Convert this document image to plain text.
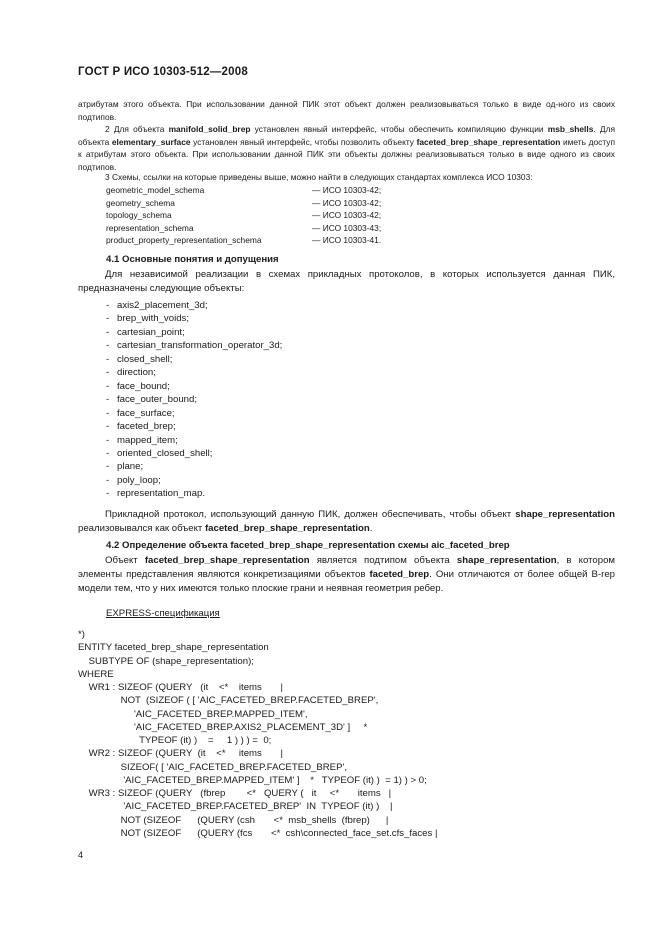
ГОСТ Р ИСО 10303-512—2008

атрибутам этого объекта. При использовании данной ПИК этот объект должен реализовываться только в виде од-ного из своих подтипов.

2 Для объекта manifold_solid_brep установлен явный интерфейс, чтобы обеспечить компиляцию функции msb_shells. Для объекта elementary_surface установлен явный интерфейс, чтобы позволить объекту faceted_brep_shape_representation иметь доступ к атрибутам этого объекта. При использовании данной ПИК эти объекты должны реализовываться только в виде одного из своих подтипов.

3 Схемы, ссылки на которые приведены выше, можно найти в следующих стандартах комплекса ИСО 10303:

geometric_model_schema	— ИСО 10303-42;
geometry_schema	— ИСО 10303-42;
topology_schema	— ИСО 10303-42;
representation_schema	— ИСО 10303-43;
product_property_representation_schema	— ИСО 10303-41.
4.1 Основные понятия и допущения

Для независимой реализации в схемах прикладных протоколов, в которых используется данная ПИК, предназначены следующие объекты:

- axis2_placement_3d;
- brep_with_voids;
- cartesian_point;
- cartesian_transformation_operator_3d;
- closed_shell;
- direction;
- face_bound;
- face_outer_bound;
- face_surface;
- faceted_brep;
- mapped_item;
- oriented_closed_shell;
- plane;
- poly_loop;
- representation_map.

Прикладной протокол, использующий данную ПИК, должен обеспечивать, чтобы объект shape_representation реализовывался как объект faceted_brep_shape_representation.

4.2 Определение объекта faceted_brep_shape_representation схемы aic_faceted_brep

Объект faceted_brep_shape_representation является подтипом объекта shape_representation, в котором элементы представления являются конкретизациями объектов faceted_brep. Они отличаются от более общей B-rep модели тем, что у них имеются только плоские грани и неявная геометрия ребер.

EXPRESS-спецификация
*)
ENTITY faceted_brep_shape_representation
SUBTYPE OF (shape_representation);
WHERE
WR1 : SIZEOF (QUERY   (it    <*    items       |
NOT  (SIZEOF ( [ 'AIC_FACETED_BREP.FACETED_BREP',
'AIC_FACETED_BREP.MAPPED_ITEM',
'AIC_FACETED_BREP.AXIS2_PLACEMENT_3D' ]     *
TYPEOF (it) )    =     1 ) ) ) =  0;
WR2 : SIZEOF (QUERY  (it    <*     items       |
SIZEOF( [ 'AIC_FACETED_BREP.FACETED_BREP',
'AIC_FACETED_BREP.MAPPED_ITEM' ]    *   TYPEOF (it) )  = 1) ) > 0;
WR3 : SIZEOF (QUERY   (fbrep        <*   QUERY (   it     <*       items   |
'AIC_FACETED_BREP.FACETED_BREP'  IN  TYPEOF (it) )    |
NOT (SIZEOF      (QUERY (csh       <*  msb_shells  (fbrep)      |
NOT (SIZEOF      (QUERY (fcs       <*  csh\connected_face_set.cfs_faces |
4
